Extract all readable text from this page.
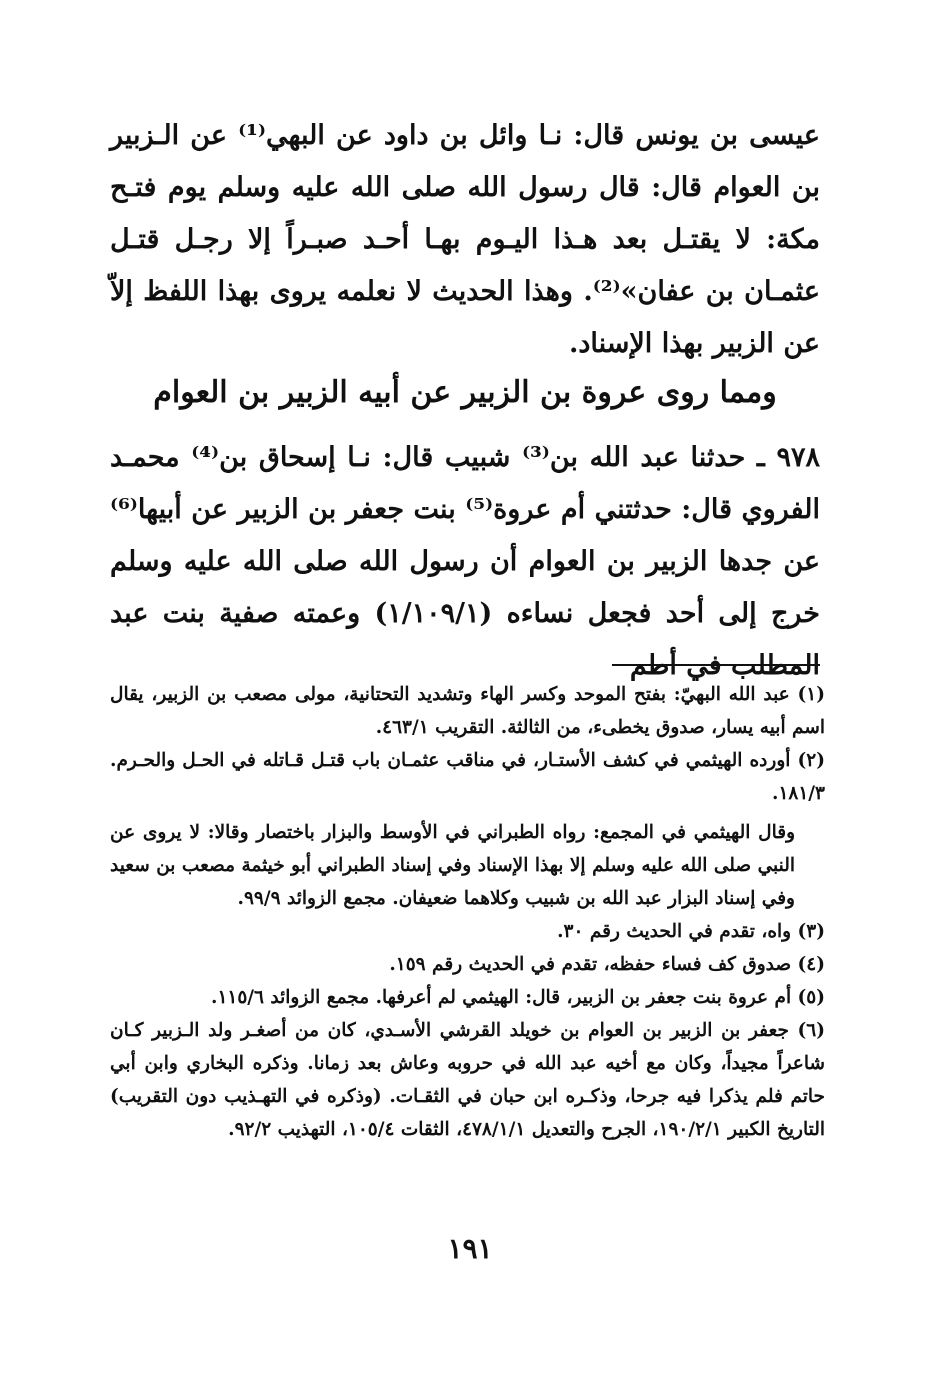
عيسى بن يونس قال: نـا وائل بن داود عن البهي⁽¹⁾ عن الـزبير بن العوام قال: قال رسول الله صلى الله عليه وسلم يوم فتـح مكة: لا يقتـل بعد هـذا اليـوم بهـا أحـد صبـراً إلا رجـل قتـل عثمـان بن عفان»⁽²⁾. وهذا الحديث لا نعلمه يروى بهذا اللفظ إلاّ عن الزبير بهذا الإسناد.

ومما روى عروة بن الزبير عن أبيه الزبير بن العوام

٩٧٨ ـ حدثنا عبد الله بن⁽³⁾ شبيب قال: نـا إسحاق بن⁽⁴⁾ محمـد الفروي قال: حدثتني أم عروة⁽⁵⁾ بنت جعفر بن الزبير عن أبيها⁽⁶⁾ عن جدها الزبير بن العوام أن رسول الله صلى الله عليه وسلم خرج إلى أحد فجعل نساءه (١/١٠٩/١) وعمته صفية بنت عبد المطلب في أطم

(١) عبد الله البهيّ: بفتح الموحد وكسر الهاء وتشديد التحتانية، مولى مصعب بن الزبير، يقال اسم أبيه يسار، صدوق يخطىء، من الثالثة. التقريب ٤٦٣/١.

(٢) أورده الهيثمي في كشف الأستـار، في مناقب عثمـان باب قتـل قـاتله في الحـل والحـرم. ١٨١/٣.

وقال الهيثمي في المجمع: رواه الطبراني في الأوسط والبزار باختصار وقالا: لا يروى عن النبي صلى الله عليه وسلم إلا بهذا الإسناد وفي إسناد الطبراني أبو خيثمة مصعب بن سعيد وفي إسناد البزار عبد الله بن شبيب وكلاهما ضعيفان. مجمع الزوائد ٩٩/٩.

(٣) واه، تقدم في الحديث رقم ٣٠.

(٤) صدوق كف فساء حفظه، تقدم في الحديث رقم ١٥٩.

(٥) أم عروة بنت جعفر بن الزبير، قال: الهيثمي لم أعرفها. مجمع الزوائد ١١٥/٦.

(٦) جعفر بن الزبير بن العوام بن خويلد القرشي الأسـدي، كان من أصغـر ولد الـزبير كـان شاعراً مجيداً، وكان مع أخيه عبد الله في حروبه وعاش بعد زمانا. وذكره البخاري وابن أبي حاتم فلم يذكرا فيه جرحا، وذكـره ابن حبان في الثقـات. (وذكره في التهـذيب دون التقريب) التاريخ الكبير ١٩٠/٢/١، الجرح والتعديل ٤٧٨/١/١، الثقات ١٠٥/٤، التهذيب ٩٢/٢.

١٩١
